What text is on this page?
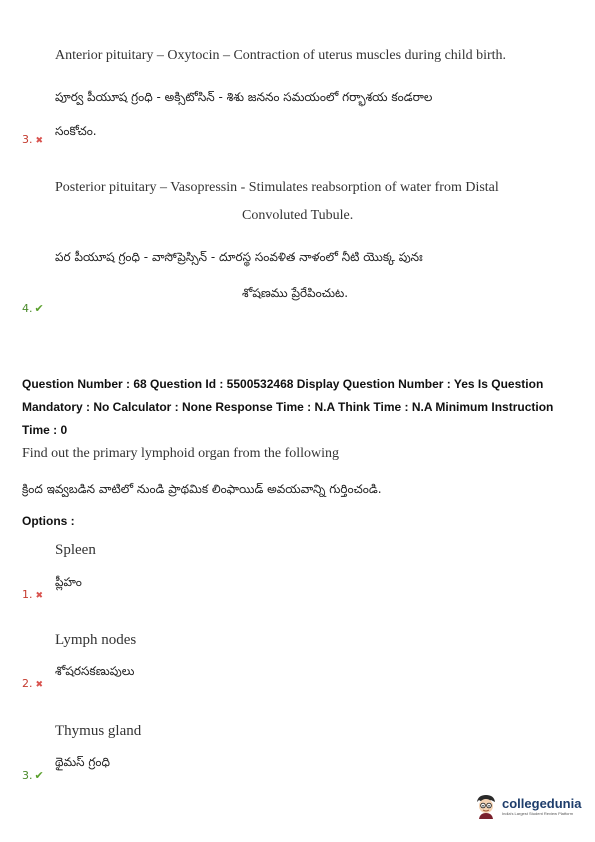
Anterior pituitary – Oxytocin – Contraction of uterus muscles during child birth.
పూర్వ పీయూష గ్రంధి - అక్సిటోసిన్ - శిశు జననం సమయంలో గర్భాశయ కండరాల
3. ✖
సంకోచం.
Posterior pituitary – Vasopressin - Stimulates reabsorption of water from Distal
Convoluted Tubule.
పర పీయూష గ్రంధి - వాసోప్రెస్సిన్ - దూరస్థ సంవళిత నాళంలో నీటి యొక్క పునః
శోషణము ప్రేరేపించుట.
4. ✔
Question Number : 68 Question Id : 5500532468 Display Question Number : Yes Is Question
Mandatory : No Calculator : None Response Time : N.A Think Time : N.A Minimum Instruction
Time : 0
Find out the primary lymphoid organ from the following
క్రింద ఇవ్వబడిన వాటిలో నుండి ప్రాథమిక లింఫాయిడ్ అవయవాన్ని గుర్తించండి.
Options :
Spleen
ప్లీహం
1. ✖
Lymph nodes
శోషరసకణుపులు
2. ✖
Thymus gland
థైమస్ గ్రంధి
3. ✔
collegedunia
India's Largest Student Review Platform
